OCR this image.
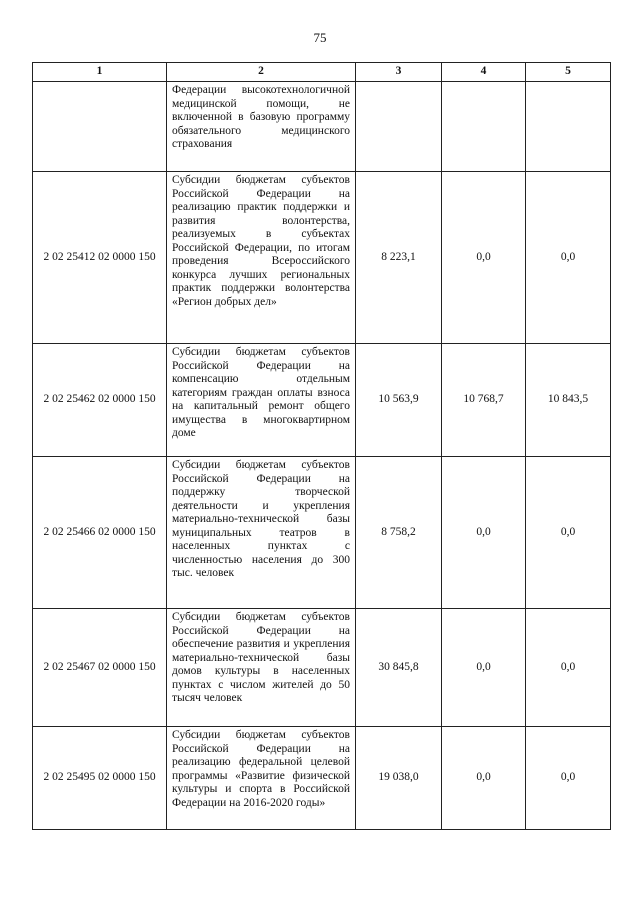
75
1	2	3	4	5
	Федерации высокотехнологичной медицинской помощи, не включенной в базовую программу обязательного медицинского страхования			
2 02 25412 02 0000 150	Субсидии бюджетам субъектов Российской Федерации на реализацию практик поддержки и развития волонтерства, реализуемых в субъектах Российской Федерации, по итогам проведения Всероссийского конкурса лучших региональных практик поддержки волонтерства «Регион добрых дел»	8 223,1	0,0	0,0
2 02 25462 02 0000 150	Субсидии бюджетам субъектов Российской Федерации на компенсацию отдельным категориям граждан оплаты взноса на капитальный ремонт общего имущества в многоквартирном доме	10 563,9	10 768,7	10 843,5
2 02 25466 02 0000 150	Субсидии бюджетам субъектов Российской Федерации на поддержку творческой деятельности и укрепления материально-технической базы муниципальных театров в населенных пунктах с численностью населения до 300 тыс. человек	8 758,2	0,0	0,0
2 02 25467 02 0000 150	Субсидии бюджетам субъектов Российской Федерации на обеспечение развития и укрепления материально-технической базы домов культуры в населенных пунктах с числом жителей до 50 тысяч человек	30 845,8	0,0	0,0
2 02 25495 02 0000 150	Субсидии бюджетам субъектов Российской Федерации на реализацию федеральной целевой программы «Развитие физической культуры и спорта в Российской Федерации на 2016-2020 годы»	19 038,0	0,0	0,0
